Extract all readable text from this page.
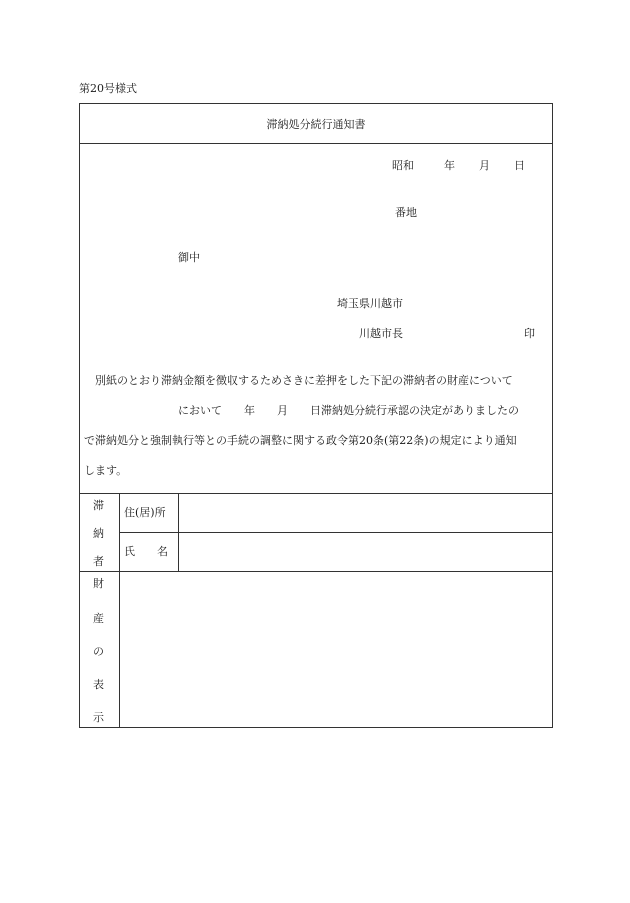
第20号様式
滞納処分続行通知書
昭和	年 月 日
番地
御中
埼玉県川越市
川越市長	印
別紙のとおり滞納金額を徴収するためさきに差押をした下記の滞納者の財産について
において　　年　　月　　日滞納処分続行承認の決定がありましたの
で滞納処分と強制執行等との手続の調整に関する政令第20条(第22条)の規定により通知
します。
滞
納
者
住(居)所
氏　　名
財
産
の
表
示
